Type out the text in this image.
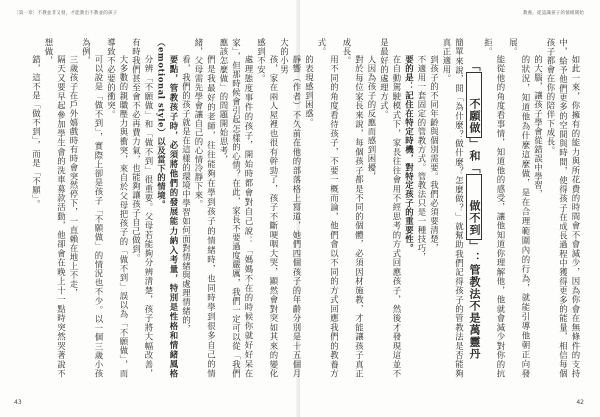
〔第一章〕不教並非又發，才能教出不教並的孩子

孩，家在兩人屋裡也很有幹勁了，孩子不斷哽咽大哭，顯然會對突如其來的變化感到不安。

處理態度事件的孩子，開始時都會對自己說：「媽媽不在的時候你就好好呆在家」，但那時候會引起怎樣的心情？在此，家長不要過度嚴厲，我們一定可以從「我們應該怎麼做」的問題開始思考，

們是我最好的老師，往往能夠在學到孩子的情緒時，也同時學到很多自己的情緒，父母需先學會讓自己的心情冷靜下來。

看，我們的孩子就是在這樣的環境中學習如何面對情緒與處理情緒的，

要點，管教孩子時，必須將他們的發展能力納入考量，特別是性格和情緒風格（emotional style）以及當下的情境。

分辨「不願做」和「做不到」很重要。父母若能夠分辨清楚，孩子將大幅改善，有時我們甚至會不必再費力氣，也能夠讓孩子自己做到。

大多數的親職壓力與衝突，來自於父母把孩子的「做不到」誤以為「不願做」，而導致不必要的衝突。

可以說是「做不到」，實際上卻是孩子「不願做」的情況也不少。以一個三歲小孩為例，

三歲孩子在戶外嬉戲時有時會突然停下，一直賴在地上不走，

隔天又要早起參加學生會的洗車募款活動，他卻會在晚上十一點時突然哭著說不想做，

錯，這不是「做不到」，而是「不願」。

43
教養，從認識孩子的情緒開始

如此一來，你擁有的能力與所花費的時間會不會減少，因為你會在無條件的支持中，給予他們更多的空間與時間，使得孩子在成長過程中獲得更多的能量，相信每個孩子都會在你的陪伴下成長。

的大腦，讓孩子學會從錯誤中學習，

的狀況，知道他為什麼這麼做，是在合理範圍內的行為，就能引導他朝正向發展。

能從他的角度看事情，知道他的感受，讓他知道你理解他，他就會減少對你的抗拒。

「不願做」和「做不到」：管教法不是萬靈丹

簡單來說，問「為什麼？做什麼？怎麼做？」就幫助我們記得孩子的管教法是否能夠真正適用。

到孩子的不同年齡與個別需要。我們必須要清楚，

不適用一套固定的管教方式。管教法只是一種技巧，

要的是：記住在特定時機，對特定孩子的重要性。

在自動駕駛模式下，家長往往會用不經思考的方式回應孩子，然後才發現這並不是最好的處理方式。

人因為孩子的反應而感到困擾，

對於每位家長來說，每個孩子都是不同的個體，必須因材施教，才能讓孩子真正成長。

用不同的角度看待孩子，不要一概而論，他們會以不同的方式回應我們的教養方式。

的表現感到困惑。

靜響（作者）不久前在他的部落格上寫道，她們四個孩子的年齡分別是十五個月大的小男

42
